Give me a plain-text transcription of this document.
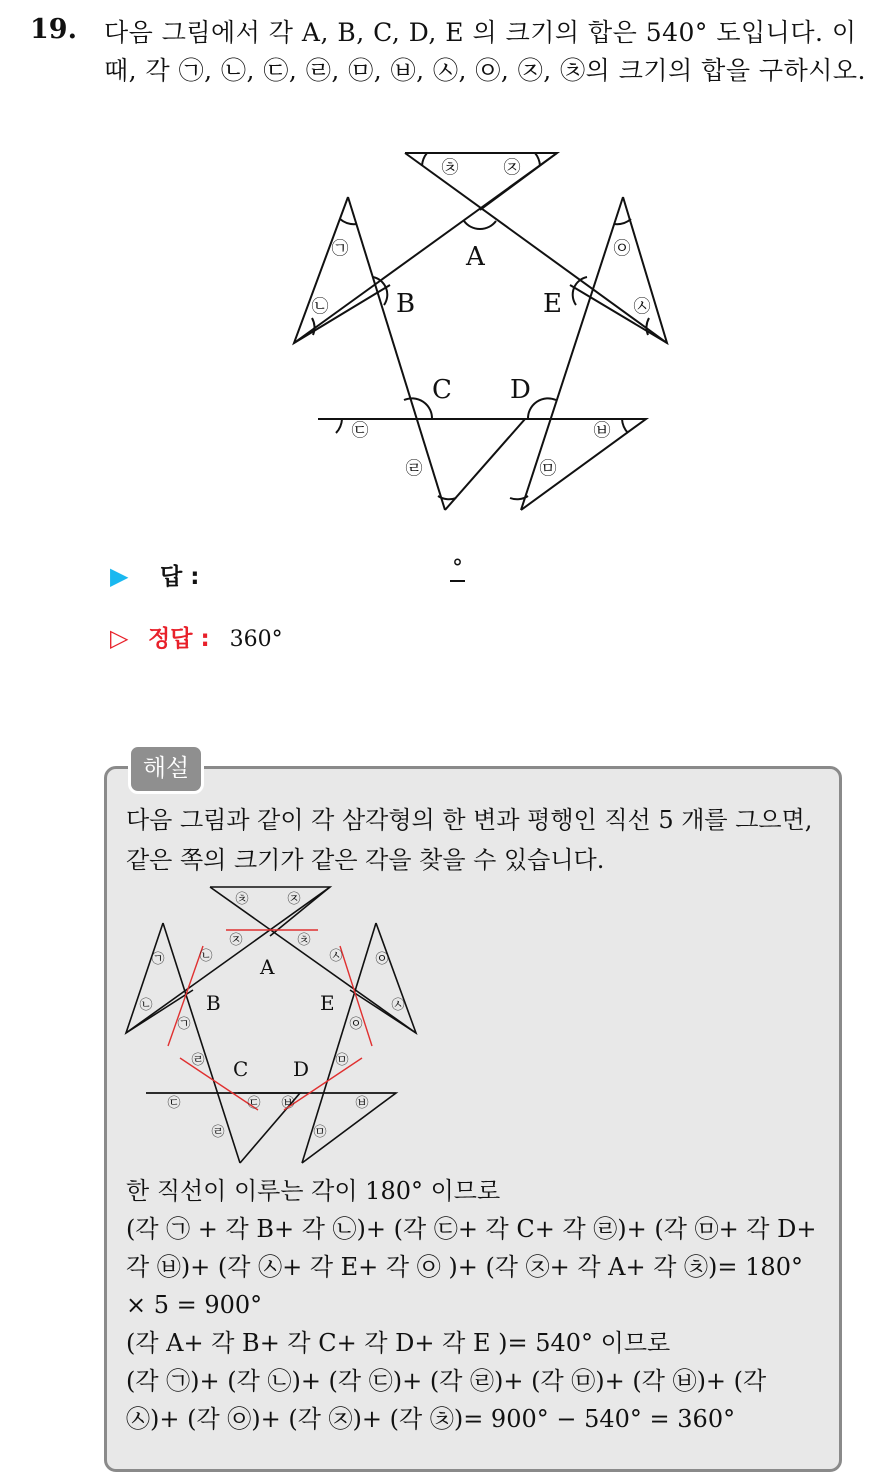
19. 다음 그림에서 각 A, B, C, D, E 의 크기의 합은 540° 도입니다. 이때, 각 ㉠, ㉡, ㉢, ㉣, ㉤, ㉥, ㉦, ㉧, ㉨, ㉩의 크기의 합을 구하시오.
A
B
C D
E
㉠
㉡
㉢
㉣	㉤
㉥
㉦
㉧
㉨
㉩
▶	답 :	°
▷ 정답 : 360°
해설
다음 그림과 같이 각 삼각형의 한 변과 평행인 직선 5 개를 그으면, 같은 쪽의 크기가 같은 각을 찾을 수 있습니다.
A
B	E
C D
㉠
㉡
㉢
㉣	㉤
㉥
㉦
㉧
㉨
㉩
㉨	㉩
㉡
㉠
㉦
㉧
㉣
㉢
㉤
㉥
한 직선이 이루는 각이 180° 이므로
(각 ㉠ + 각 B+ 각 ㉡)+ (각 ㉢+ 각 C+ 각 ㉣)+ (각 ㉤+ 각 D+ 각 ㉥)+ (각 ㉦+ 각 E+ 각 ㉧ )+ (각 ㉨+ 각 A+ 각 ㉩)= 180° × 5 = 900°
(각 A+ 각 B+ 각 C+ 각 D+ 각 E )= 540° 이므로
(각 ㉠)+ (각 ㉡)+ (각 ㉢)+ (각 ㉣)+ (각 ㉤)+ (각 ㉥)+ (각 ㉦)+ (각 ㉧)+ (각 ㉨)+ (각 ㉩)= 900° − 540° = 360°
